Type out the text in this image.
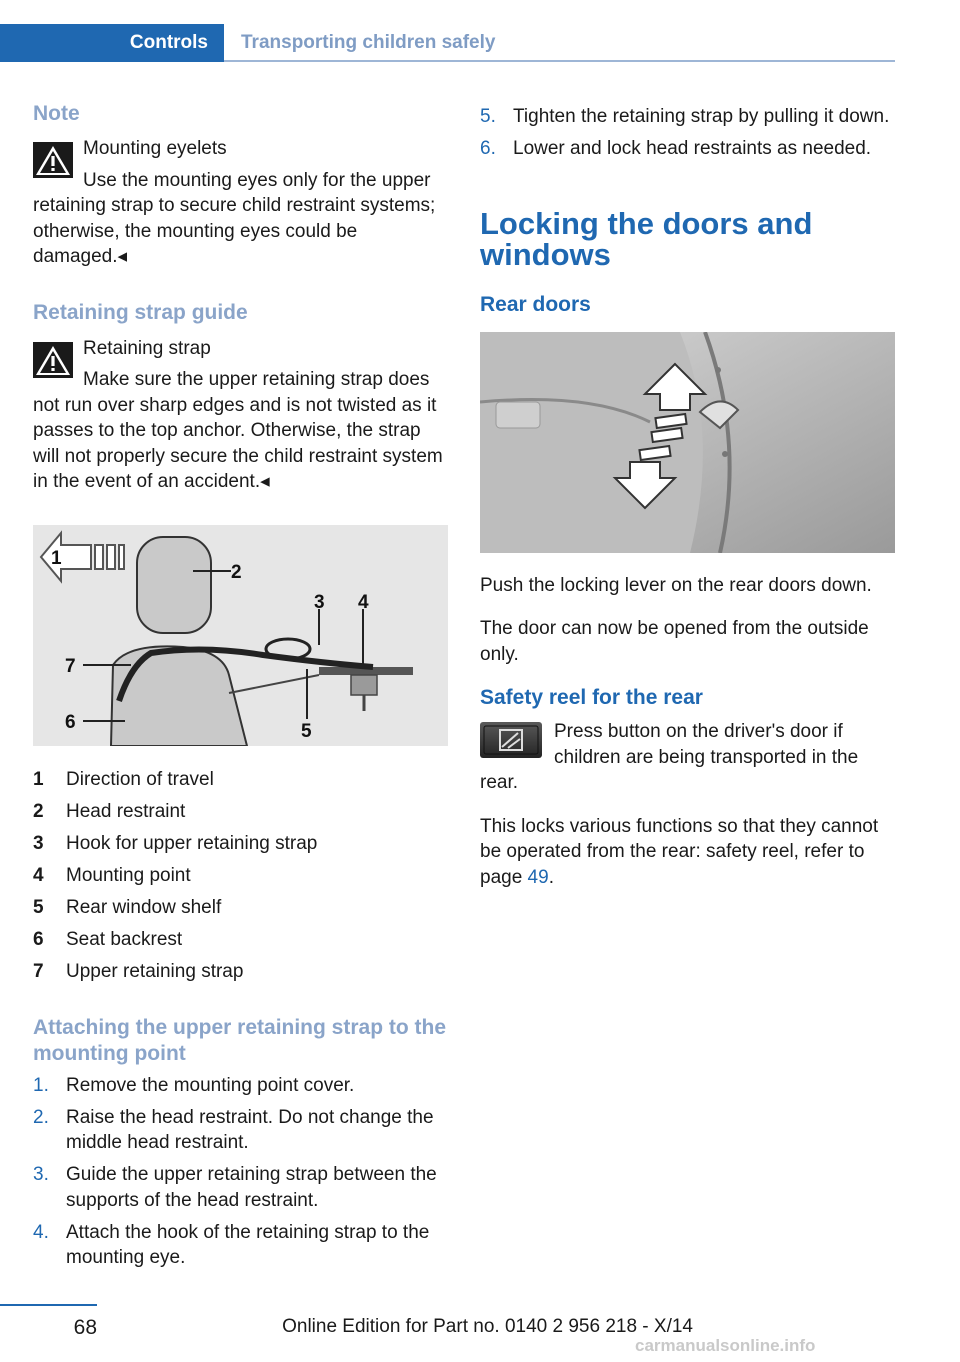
Controls	Transporting children safely
Note

Mounting eyelets

Use the mounting eyes only for the upper retaining strap to secure child restraint systems; otherwise, the mounting eyes could be damaged.◂

Retaining strap guide

Retaining strap

Make sure the upper retaining strap does not run over sharp edges and is not twisted as it passes to the top anchor. Otherwise, the strap will not properly secure the child restraint system in the event of an accident.◂

1
2
3 4
5
6
7
1	Direction of travel
2	Head restraint
3	Hook for upper retaining strap
4	Mounting point
5	Rear window shelf
6	Seat backrest
7	Upper retaining strap
Attaching the upper retaining strap to the mounting point
1. Remove the mounting point cover.
2. Raise the head restraint. Do not change the middle head restraint.
3. Guide the upper retaining strap between the supports of the head restraint.
4. Attach the hook of the retaining strap to the mounting eye.
5. Tighten the retaining strap by pulling it down.
6. Lower and lock head restraints as needed.
Locking the doors and windows
Rear doors

Push the locking lever on the rear doors down.

The door can now be opened from the outside only.

Safety reel for the rear

Press button on the driver's door if children are being transported in the rear.

This locks various functions so that they cannot be operated from the rear: safety reel, refer to page 49.

68	Online Edition for Part no. 0140 2 956 218 - X/14
carmanualsonline.info
